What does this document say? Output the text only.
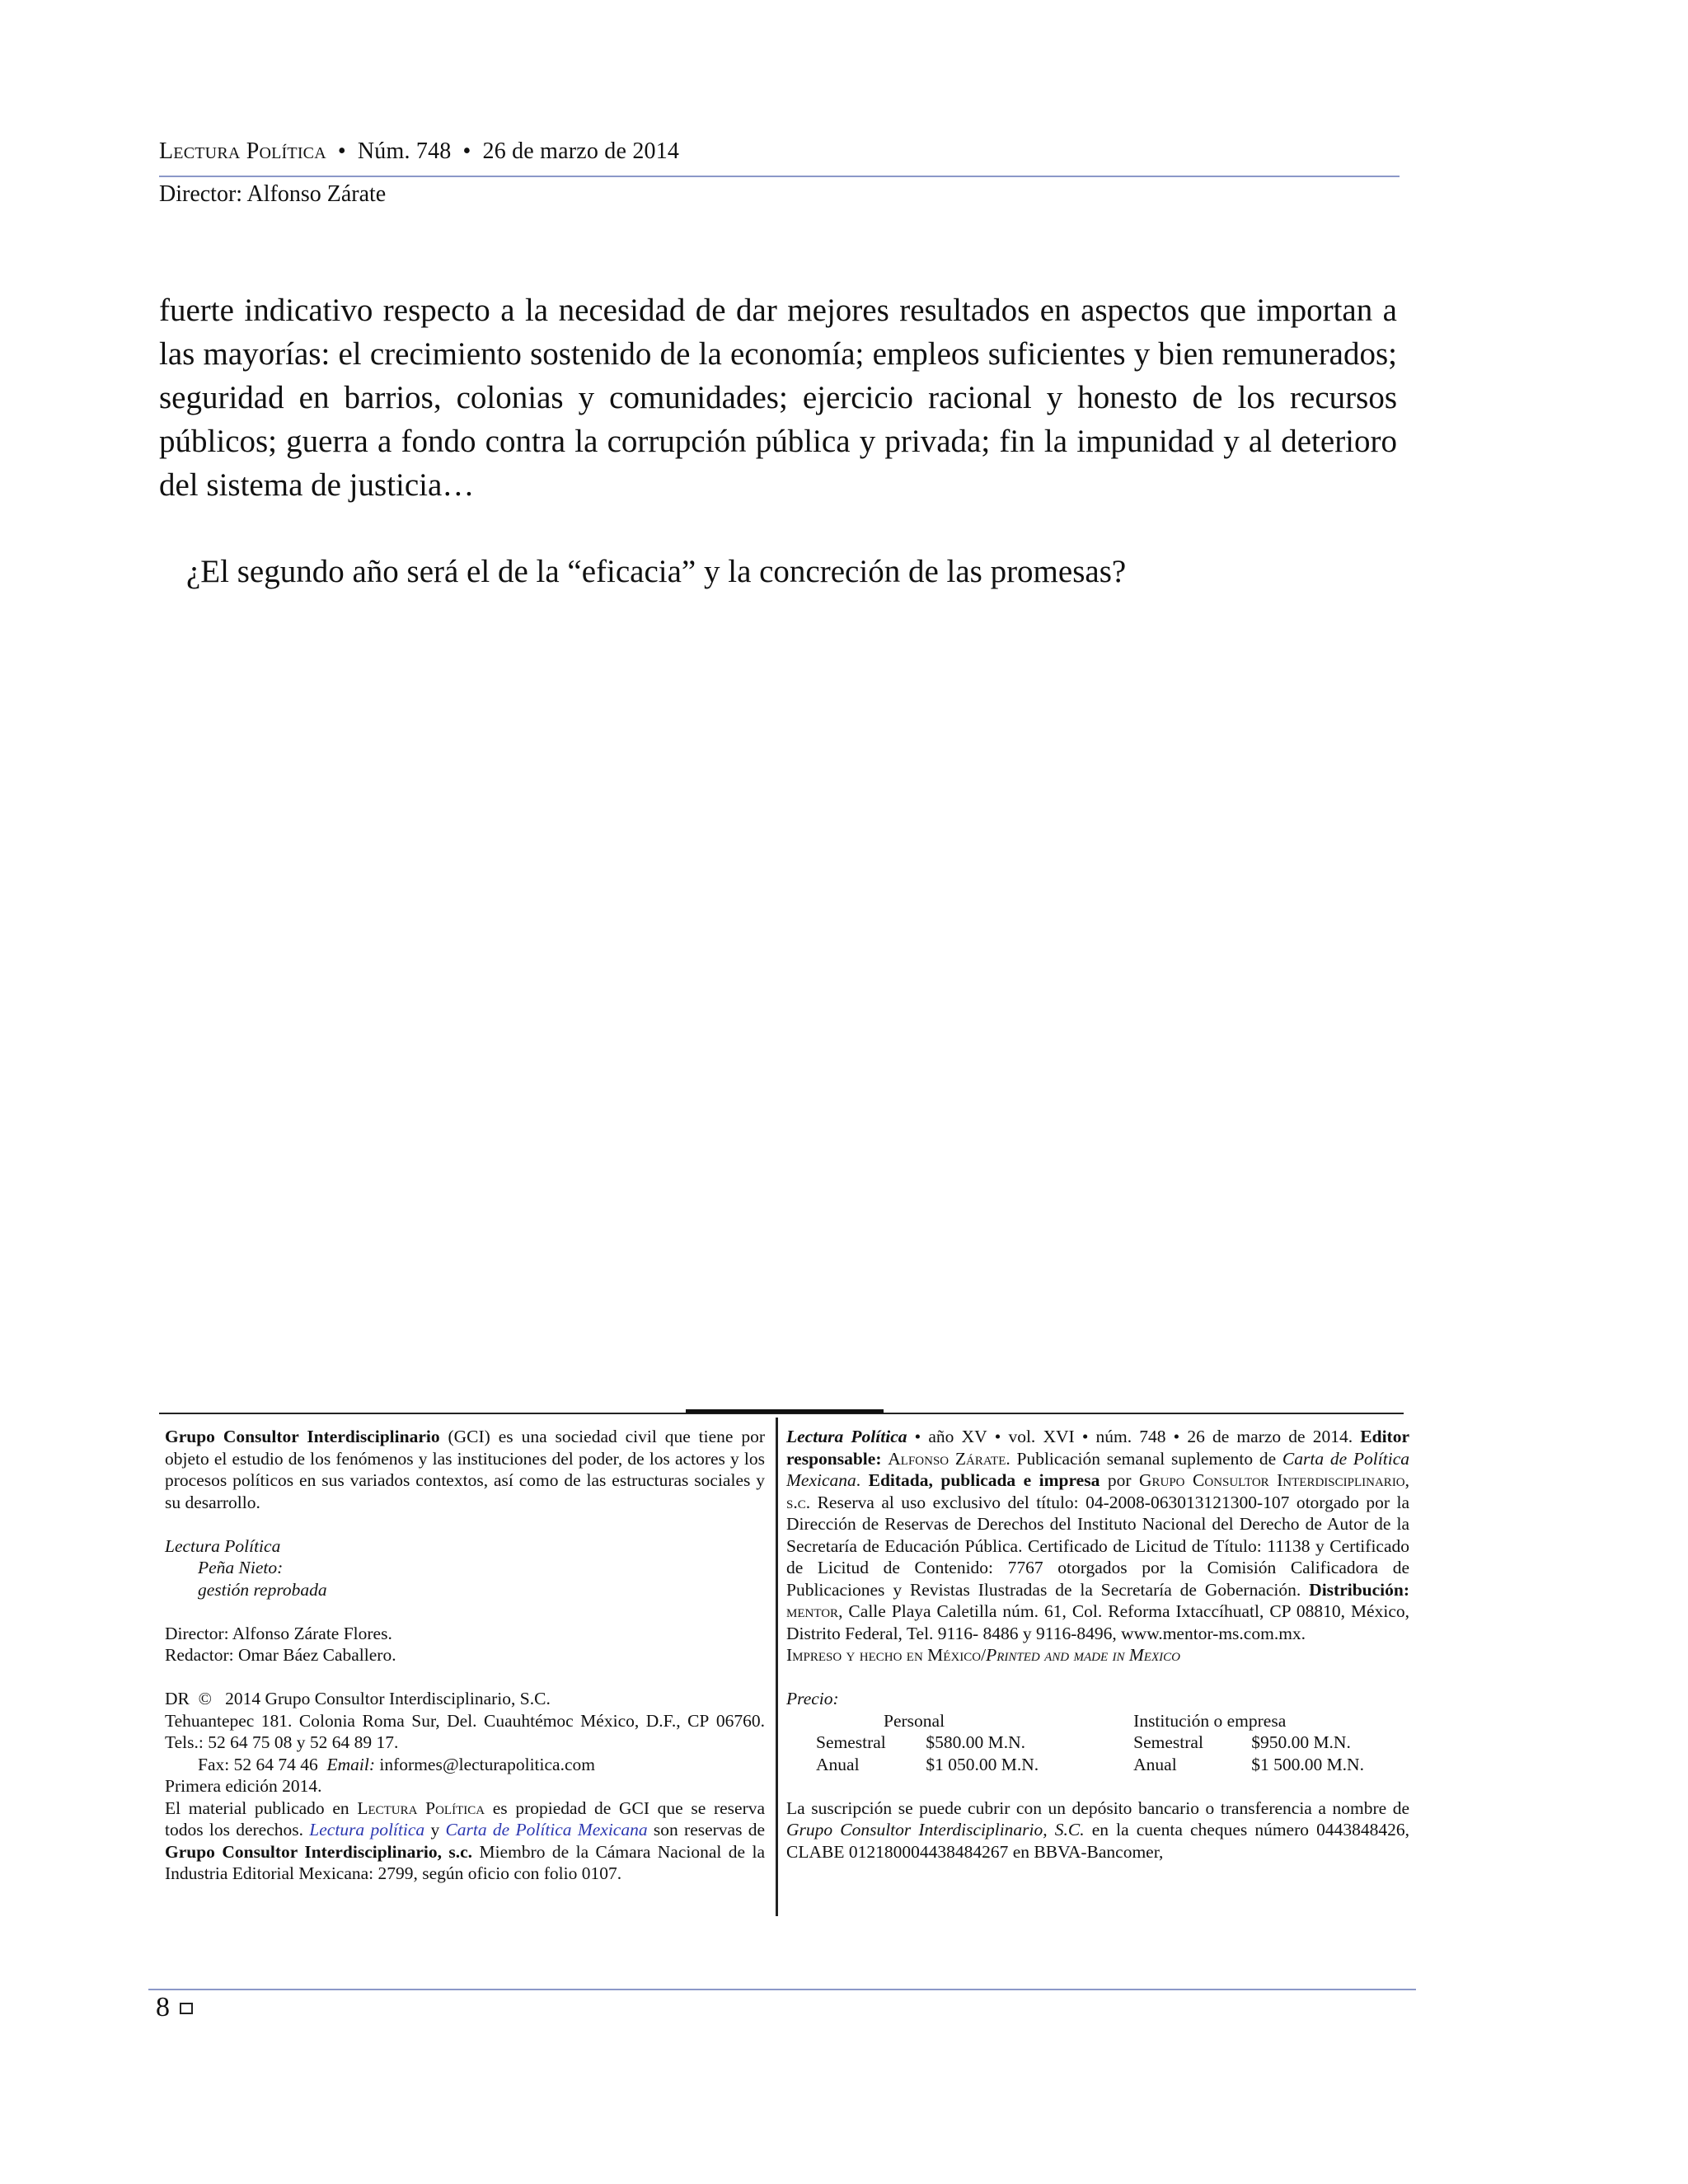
Lectura Política • Núm. 748 • 26 de marzo de 2014
Director: Alfonso Zárate

fuerte indicativo respecto a la necesidad de dar mejores resultados en aspectos que importan a las mayorías: el crecimiento sostenido de la economía; empleos suficientes y bien remunerados; seguridad en barrios, colonias y comunidades; ejercicio racional y honesto de los recursos públicos; guerra a fondo contra la corrupción pública y privada; fin la impunidad y al deterioro del sistema de justicia…

¿El segundo año será el de la “eficacia” y la concreción de las promesas?

Grupo Consultor Interdisciplinario (GCI) es una sociedad civil que tiene por objeto el estudio de los fenómenos y las instituciones del poder, de los actores y los procesos políticos en sus variados contextos, así como de las estructuras sociales y su desarrollo.

Lectura Política
Peña Nieto:
gestión reprobada
Director: Alfonso Zárate Flores.
Redactor: Omar Báez Caballero.
DR © 2014 Grupo Consultor Interdisciplinario, S.C.

Tehuantepec 181. Colonia Roma Sur, Del. Cuauhtémoc México, D.F., CP 06760. Tels.: 52 64 75 08 y 52 64 89 17.

Fax: 52 64 74 46 Email: informes@lecturapolitica.com
Primera edición 2014.

El material publicado en Lectura Política es propiedad de GCI que se reserva todos los derechos. Lectura política y Carta de Política Mexicana son reservas de Grupo Consultor Interdisciplinario, s.c. Miembro de la Cámara Nacional de la Industria Editorial Mexicana: 2799, según oficio con folio 0107.

Lectura Política • año XV • vol. XVI • núm. 748 • 26 de marzo de 2014. Editor responsable: Alfonso Zárate. Publicación semanal suplemento de Carta de Política Mexicana. Editada, publicada e impresa por Grupo Consultor Interdisciplinario, s.c. Reserva al uso exclusivo del título: 04-2008-063013121300-107 otorgado por la Dirección de Reservas de Derechos del Instituto Nacional del Derecho de Autor de la Secretaría de Educación Pública. Certificado de Licitud de Título: 11138 y Certificado de Licitud de Contenido: 7767 otorgados por la Comisión Calificadora de Publicaciones y Revistas Ilustradas de la Secretaría de Gobernación. Distribución: mentor, Calle Playa Caletilla núm. 61, Col. Reforma Ixtaccíhuatl, CP 08810, México, Distrito Federal, Tel. 9116- 8486 y 9116-8496, www.mentor-ms.com.mx.

Impreso y hecho en México/Printed and made in Mexico
Precio:
Personal		Institución o empresa	
Semestral	$580.00 M.N.	Semestral	$950.00 M.N.
Anual	$1 050.00 M.N.	Anual	$1 500.00 M.N.

La suscripción se puede cubrir con un depósito bancario o transferencia a nombre de Grupo Consultor Interdisciplinario, S.C. en la cuenta cheques número 0443848426, CLABE 012180004438484267 en BBVA-Bancomer,

8
